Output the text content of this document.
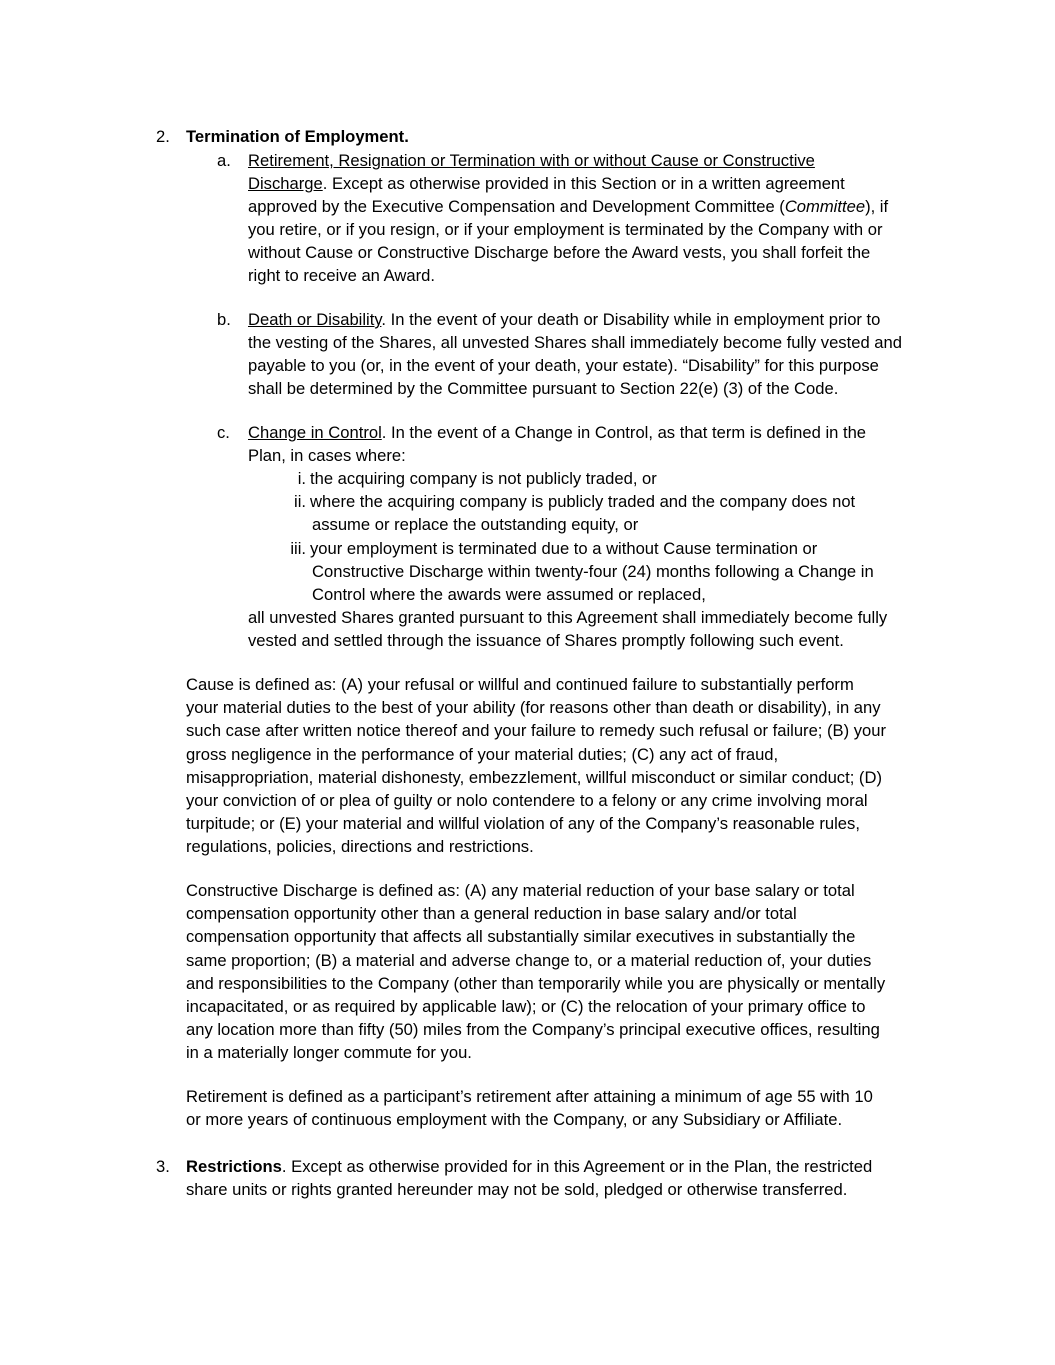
2. Termination of Employment.
a. Retirement, Resignation or Termination with or without Cause or Constructive
Discharge. Except as otherwise provided in this Section or in a written agreement
approved by the Executive Compensation and Development Committee (Committee), if
you retire, or if you resign, or if your employment is terminated by the Company with or
without Cause or Constructive Discharge before the Award vests, you shall forfeit the
right to receive an Award.
b. Death or Disability. In the event of your death or Disability while in employment prior to
the vesting of the Shares, all unvested Shares shall immediately become fully vested and
payable to you (or, in the event of your death, your estate). “Disability” for this purpose
shall be determined by the Committee pursuant to Section 22(e) (3) of the Code.
c. Change in Control. In the event of a Change in Control, as that term is defined in the
Plan, in cases where:
i. the acquiring company is not publicly traded, or
ii. where the acquiring company is publicly traded and the company does not
assume or replace the outstanding equity, or
iii. your employment is terminated due to a without Cause termination or
Constructive Discharge within twenty-four (24) months following a Change in
Control where the awards were assumed or replaced,
all unvested Shares granted pursuant to this Agreement shall immediately become fully
vested and settled through the issuance of Shares promptly following such event.
Cause is defined as: (A) your refusal or willful and continued failure to substantially perform
your material duties to the best of your ability (for reasons other than death or disability), in any
such case after written notice thereof and your failure to remedy such refusal or failure; (B) your
gross negligence in the performance of your material duties; (C) any act of fraud,
misappropriation, material dishonesty, embezzlement, willful misconduct or similar conduct; (D)
your conviction of or plea of guilty or nolo contendere to a felony or any crime involving moral
turpitude; or (E) your material and willful violation of any of the Company’s reasonable rules,
regulations, policies, directions and restrictions.
Constructive Discharge is defined as: (A) any material reduction of your base salary or total
compensation opportunity other than a general reduction in base salary and/or total
compensation opportunity that affects all substantially similar executives in substantially the
same proportion; (B) a material and adverse change to, or a material reduction of, your duties
and responsibilities to the Company (other than temporarily while you are physically or mentally
incapacitated, or as required by applicable law); or (C) the relocation of your primary office to
any location more than fifty (50) miles from the Company’s principal executive offices, resulting
in a materially longer commute for you.
Retirement is defined as a participant’s retirement after attaining a minimum of age 55 with 10
or more years of continuous employment with the Company, or any Subsidiary or Affiliate.
3. Restrictions. Except as otherwise provided for in this Agreement or in the Plan, the restricted
share units or rights granted hereunder may not be sold, pledged or otherwise transferred.
